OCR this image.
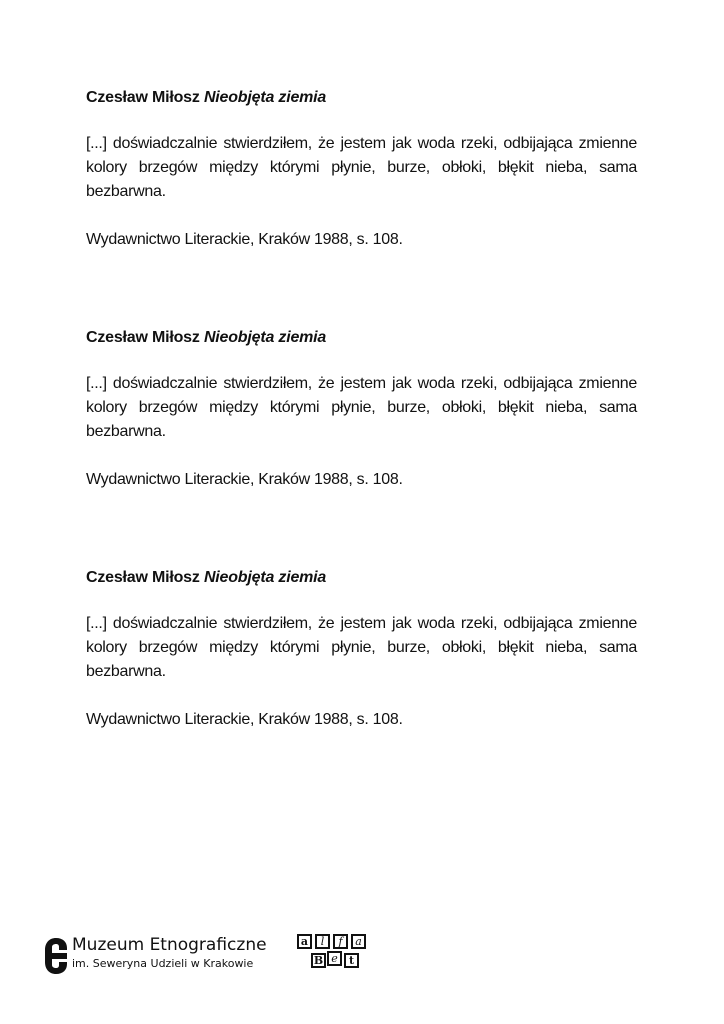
Czesław Miłosz Nieobjęta ziemia

[...] doświadczalnie stwierdziłem, że jestem jak woda rzeki, odbijająca zmienne kolory brzegów między którymi płynie, burze, obłoki, błękit nieba, sama bezbarwna.

Wydawnictwo Literackie, Kraków 1988, s. 108.

Czesław Miłosz Nieobjęta ziemia

[...] doświadczalnie stwierdziłem, że jestem jak woda rzeki, odbijająca zmienne kolory brzegów między którymi płynie, burze, obłoki, błękit nieba, sama bezbarwna.

Wydawnictwo Literackie, Kraków 1988, s. 108.

Czesław Miłosz Nieobjęta ziemia

[...] doświadczalnie stwierdziłem, że jestem jak woda rzeki, odbijająca zmienne kolory brzegów między którymi płynie, burze, obłoki, błękit nieba, sama bezbarwna.

Wydawnictwo Literackie, Kraków 1988, s. 108.

Muzeum Etnograficzne
im. Seweryna Udzieli w Krakowie
a l f a
B e t
